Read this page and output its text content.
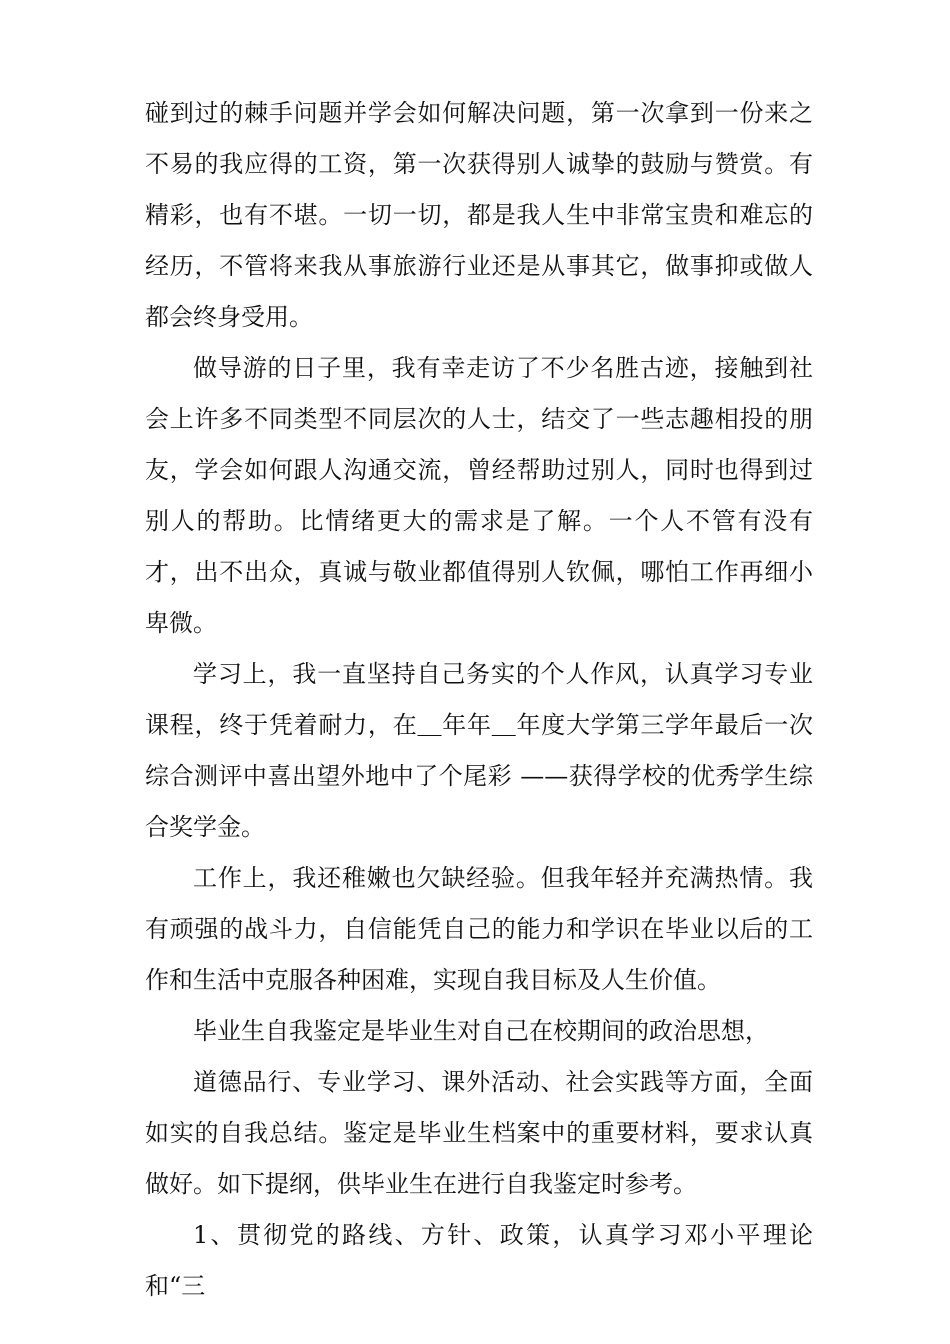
碰到过的棘手问题并学会如何解决问题，第一次拿到一份来之不易的我应得的工资，第一次获得别人诚挚的鼓励与赞赏。有精彩，也有不堪。一切一切，都是我人生中非常宝贵和难忘的经历，不管将来我从事旅游行业还是从事其它，做事抑或做人都会终身受用。

做导游的日子里，我有幸走访了不少名胜古迹，接触到社会上许多不同类型不同层次的人士，结交了一些志趣相投的朋友，学会如何跟人沟通交流，曾经帮助过别人，同时也得到过别人的帮助。比情绪更大的需求是了解。一个人不管有没有才，出不出众，真诚与敬业都值得别人钦佩，哪怕工作再细小卑微。

学习上，我一直坚持自己务实的个人作风，认真学习专业课程，终于凭着耐力，在＿年年＿年度大学第三学年最后一次综合测评中喜出望外地中了个尾彩 ——获得学校的优秀学生综合奖学金。

工作上，我还稚嫩也欠缺经验。但我年轻并充满热情。我有顽强的战斗力，自信能凭自己的能力和学识在毕业以后的工作和生活中克服各种困难，实现自我目标及人生价值。

毕业生自我鉴定是毕业生对自己在校期间的政治思想，

道德品行、专业学习、课外活动、社会实践等方面，全面如实的自我总结。鉴定是毕业生档案中的重要材料，要求认真做好。如下提纲，供毕业生在进行自我鉴定时参考。

1、贯彻党的路线、方针、政策，认真学习邓小平理论和“三
